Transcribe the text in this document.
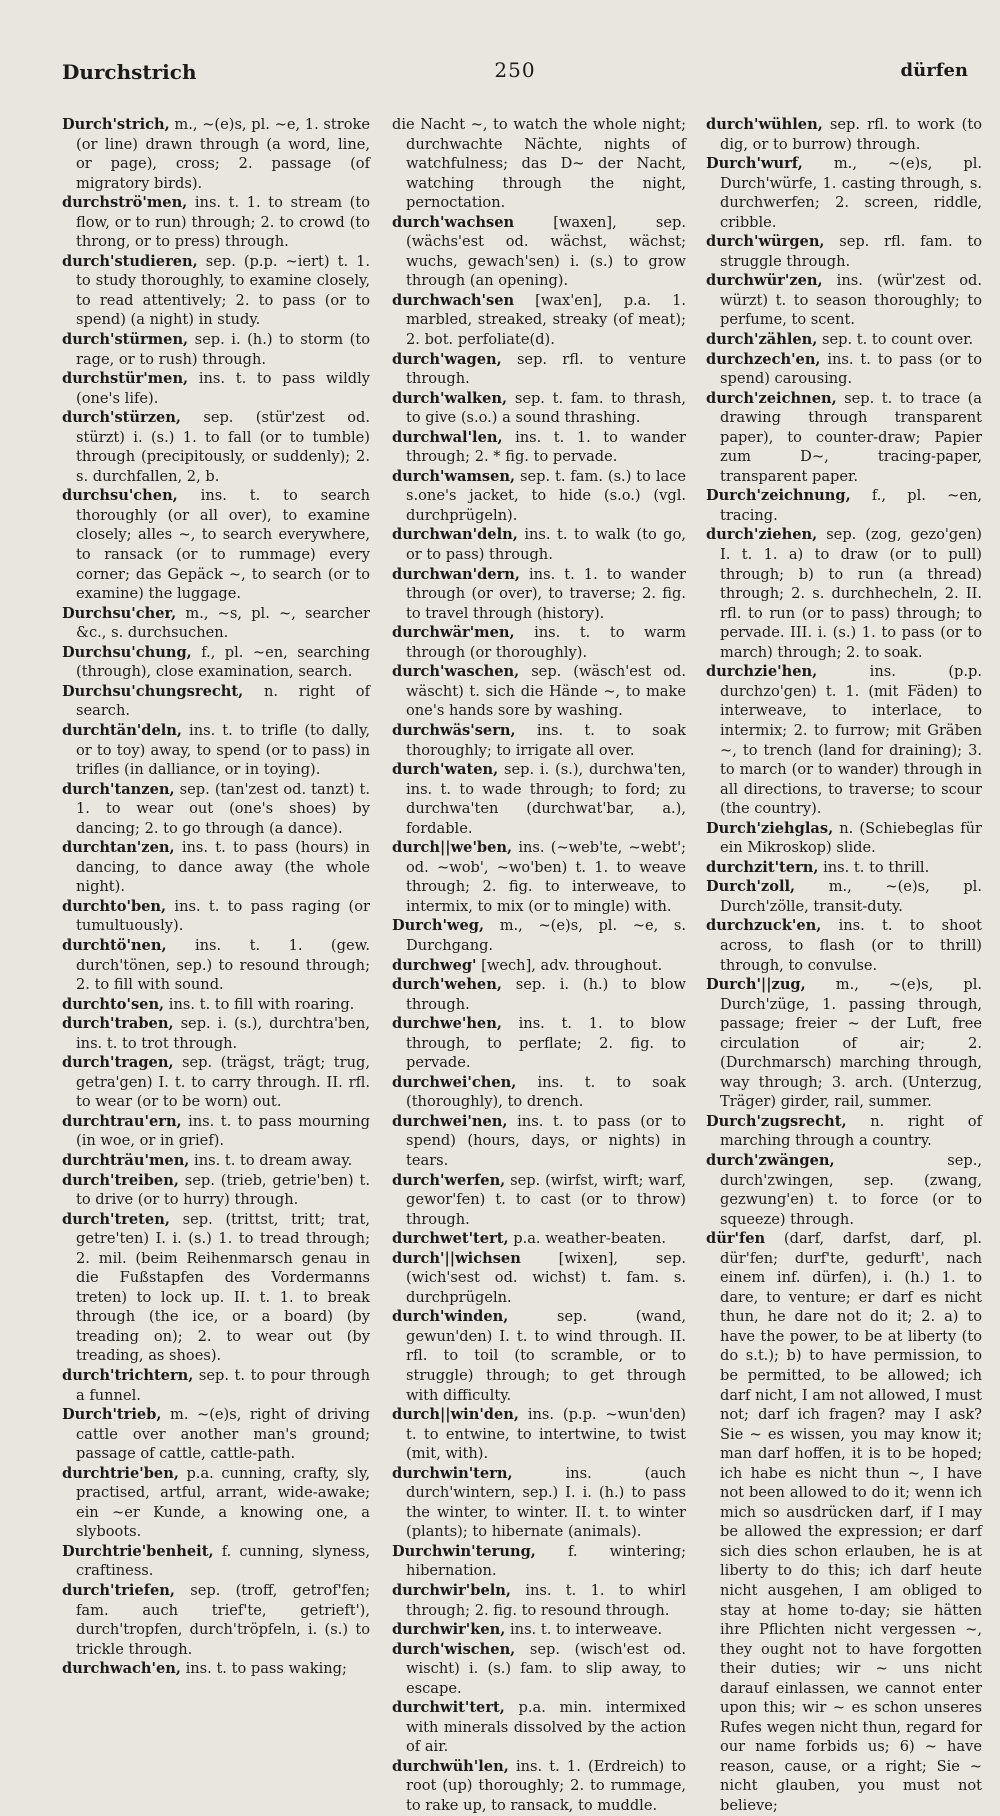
Durchstrich	250	dürfen
Durch'strich, m., ~(e)s, pl. ~e, 1. stroke (or line) drawn through (a word, line, or page), cross; 2. passage (of migratory birds).
durchströ'men, ins. t. 1. to stream (to flow, or to run) through; 2. to crowd (to throng, or to press) through.
durch'studieren, sep. (p.p. ~iert) t. 1. to study thoroughly, to examine closely, to read attentively; 2. to pass (or to spend) (a night) in study.
durch'stürmen, sep. i. (h.) to storm (to rage, or to rush) through.
durchstür'men, ins. t. to pass wildly (one's life).
durch'stürzen, sep. (stür'zest od. stürzt) i. (s.) 1. to fall (or to tumble) through (precipitously, or suddenly); 2. s. durchfallen, 2, b.
durchsu'chen, ins. t. to search thoroughly (or all over), to examine closely; alles ~, to search everywhere, to ransack (or to rummage) every corner; das Gepäck ~, to search (or to examine) the luggage.
Durchsu'cher, m., ~s, pl. ~, searcher &c., s. durchsuchen.
Durchsu'chung, f., pl. ~en, searching (through), close examination, search.
Durchsu'chungsrecht, n. right of search.
durchtän'deln, ins. t. to trifle (to dally, or to toy) away, to spend (or to pass) in trifles (in dalliance, or in toying).
durch'tanzen, sep. (tan'zest od. tanzt) t. 1. to wear out (one's shoes) by dancing; 2. to go through (a dance).
durchtan'zen, ins. t. to pass (hours) in dancing, to dance away (the whole night).
durchto'ben, ins. t. to pass raging (or tumultuously).
durchtö'nen, ins. t. 1. (gew. durch'tönen, sep.) to resound through; 2. to fill with sound.
durchto'sen, ins. t. to fill with roaring.
durch'traben, sep. i. (s.), durchtra'ben, ins. t. to trot through.
durch'tragen, sep. (trägst, trägt; trug, getra'gen) I. t. to carry through. II. rfl. to wear (or to be worn) out.
durchtrau'ern, ins. t. to pass mourning (in woe, or in grief).
durchträu'men, ins. t. to dream away.
durch'treiben, sep. (trieb, getrie'ben) t. to drive (or to hurry) through.
durch'treten, sep. (trittst, tritt; trat, getre'ten) I. i. (s.) 1. to tread through; 2. mil. (beim Reihenmarsch genau in die Fußstapfen des Vordermanns treten) to lock up. II. t. 1. to break through (the ice, or a board) (by treading on); 2. to wear out (by treading, as shoes).
durch'trichtern, sep. t. to pour through a funnel.
Durch'trieb, m. ~(e)s, right of driving cattle over another man's ground; passage of cattle, cattle-path.
durchtrie'ben, p.a. cunning, crafty, sly, practised, artful, arrant, wide-awake; ein ~er Kunde, a knowing one, a slyboots.
Durchtrie'benheit, f. cunning, slyness, craftiness.
durch'triefen, sep. (troff, getrof'fen; fam. auch trief'te, getrieft'), durch'tropfen, durch'tröpfeln, i. (s.) to trickle through.
durchwach'en, ins. t. to pass waking;
die Nacht ~, to watch the whole night; durchwachte Nächte, nights of watchfulness; das D~ der Nacht, watching through the night, pernoctation.
durch'wachsen	[waxen], sep. (wächs'est od. wächst, wächst; wuchs, gewach'sen) i. (s.) to grow through (an opening).
durchwach'sen [wax'en], p.a. 1. marbled, streaked, streaky (of meat); 2. bot. perfoliate(d).
durch'wagen, sep. rfl. to venture through.
durch'walken, sep. t. fam. to thrash, to give (s.o.) a sound thrashing.
durchwal'len, ins. t. 1. to wander through; 2. * fig. to pervade.
durch'wamsen, sep. t. fam. (s.) to lace s.one's jacket, to hide (s.o.) (vgl. durchprügeln).
durchwan'deln, ins. t. to walk (to go, or to pass) through.
durchwan'dern, ins. t. 1. to wander through (or over), to traverse; 2. fig. to travel through (history).
durchwär'men, ins. t. to warm through (or thoroughly).
durch'waschen, sep. (wäsch'est od. wäscht) t. sich die Hände ~, to make one's hands sore by washing.
durchwäs'sern, ins. t. to soak thoroughly; to irrigate all over.
durch'waten, sep. i. (s.), durchwa'ten, ins. t. to wade through; to ford; zu durchwa'ten (durchwat'bar, a.), fordable.
durch||we'ben, ins. (~web'te, ~webt'; od. ~wob', ~wo'ben) t. 1. to weave through; 2. fig. to interweave, to intermix, to mix (or to mingle) with.
Durch'weg, m., ~(e)s, pl. ~e, s. Durchgang.
durchweg' [wech], adv. throughout.
durch'wehen, sep. i. (h.) to blow through.
durchwe'hen, ins. t. 1. to blow through, to perflate; 2. fig. to pervade.
durchwei'chen, ins. t. to soak (thoroughly), to drench.
durchwei'nen, ins. t. to pass (or to spend) (hours, days, or nights) in tears.
durch'werfen, sep. (wirfst, wirft; warf, gewor'fen) t. to cast (or to throw) through.
durchwet'tert, p.a. weather-beaten.
durch'||wichsen	[wixen], sep. (wich'sest od. wichst) t. fam. s. durchprügeln.
durch'winden,	sep. (wand, gewun'den) I. t. to wind through. II. rfl. to toil (to scramble, or to struggle) through; to get through with difficulty.
durch||win'den, ins. (p.p. ~wun'den) t. to entwine, to intertwine, to twist (mit, with).
durchwin'tern,	ins. (auch durch'wintern, sep.) I. i. (h.) to pass the winter, to winter. II. t. to winter (plants); to hibernate (animals).
Durchwin'terung, f. wintering; hibernation.
durchwir'beln, ins. t. 1. to whirl through; 2. fig. to resound through.
durchwir'ken, ins. t. to interweave.
durch'wischen, sep. (wisch'est od. wischt) i. (s.) fam. to slip away, to escape.
durchwit'tert, p.a. min. intermixed with minerals dissolved by the action of air.
durchwüh'len, ins. t. 1. (Erdreich) to root (up) thoroughly; 2. to rummage, to rake up, to ransack, to muddle.
durch'wühlen, sep. rfl. to work (to dig, or to burrow) through.
Durch'wurf, m., ~(e)s, pl. Durch'würfe, 1. casting through, s. durchwerfen; 2. screen, riddle, cribble.
durch'würgen, sep. rfl. fam. to struggle through.
durchwür'zen, ins. (wür'zest od. würzt) t. to season thoroughly; to perfume, to scent.
durch'zählen, sep. t. to count over.
durchzech'en, ins. t. to pass (or to spend) carousing.
durch'zeichnen, sep. t. to trace (a drawing through transparent paper), to counter-draw; Papier zum D~, tracing-paper, transparent paper.
Durch'zeichnung, f., pl. ~en, tracing.
durch'ziehen, sep. (zog, gezo'gen) I. t. 1. a) to draw (or to pull) through; b) to run (a thread) through; 2. s. durchhecheln, 2. II. rfl. to run (or to pass) through; to pervade. III. i. (s.) 1. to pass (or to march) through; 2. to soak.
durchzie'hen,	ins. (p.p. durchzo'gen) t. 1. (mit Fäden) to interweave, to interlace, to intermix; 2. to furrow; mit Gräben ~, to trench (land for draining); 3. to march (or to wander) through in all directions, to traverse; to scour (the country).
Durch'ziehglas, n. (Schiebeglas für ein Mikroskop) slide.
durchzit'tern, ins. t. to thrill.
Durch'zoll, m., ~(e)s, pl. Durch'zölle, transit-duty.
durchzuck'en, ins. t. to shoot across, to flash (or to thrill) through, to convulse.
Durch'||zug, m., ~(e)s, pl. Durch'züge, 1. passing through, passage; freier ~ der Luft, free circulation of air; 2. (Durchmarsch) marching through, way through; 3. arch. (Unterzug, Träger) girder, rail, summer.
Durch'zugsrecht, n. right of marching through a country.
durch'zwängen,	sep., durch'zwingen, sep. (zwang, gezwung'en) t. to force (or to squeeze) through.
dür'fen (darf, darfst, darf, pl. dür'fen; durf'te, gedurft', nach einem inf. dürfen), i. (h.) 1. to dare, to venture; er darf es nicht thun, he dare not do it; 2. a) to have the power, to be at liberty (to do s.t.); b) to have permission, to be permitted, to be allowed; ich darf nicht, I am not allowed, I must not; darf ich fragen? may I ask? Sie ~ es wissen, you may know it; man darf hoffen, it is to be hoped; ich habe es nicht thun ~, I have not been allowed to do it; wenn ich mich so ausdrücken darf, if I may be allowed the expression; er darf sich dies schon erlauben, he is at liberty to do this; ich darf heute nicht ausgehen, I am obliged to stay at home to-day; sie hätten ihre Pflichten nicht vergessen ~, they ought not to have forgotten their duties; wir ~ uns nicht darauf einlassen, we cannot enter upon this; wir ~ es schon unseres Rufes wegen nicht thun, regard for our name forbids us; 6) ~ have reason, cause, or a right; Sie ~ nicht glauben, you must not believe;
